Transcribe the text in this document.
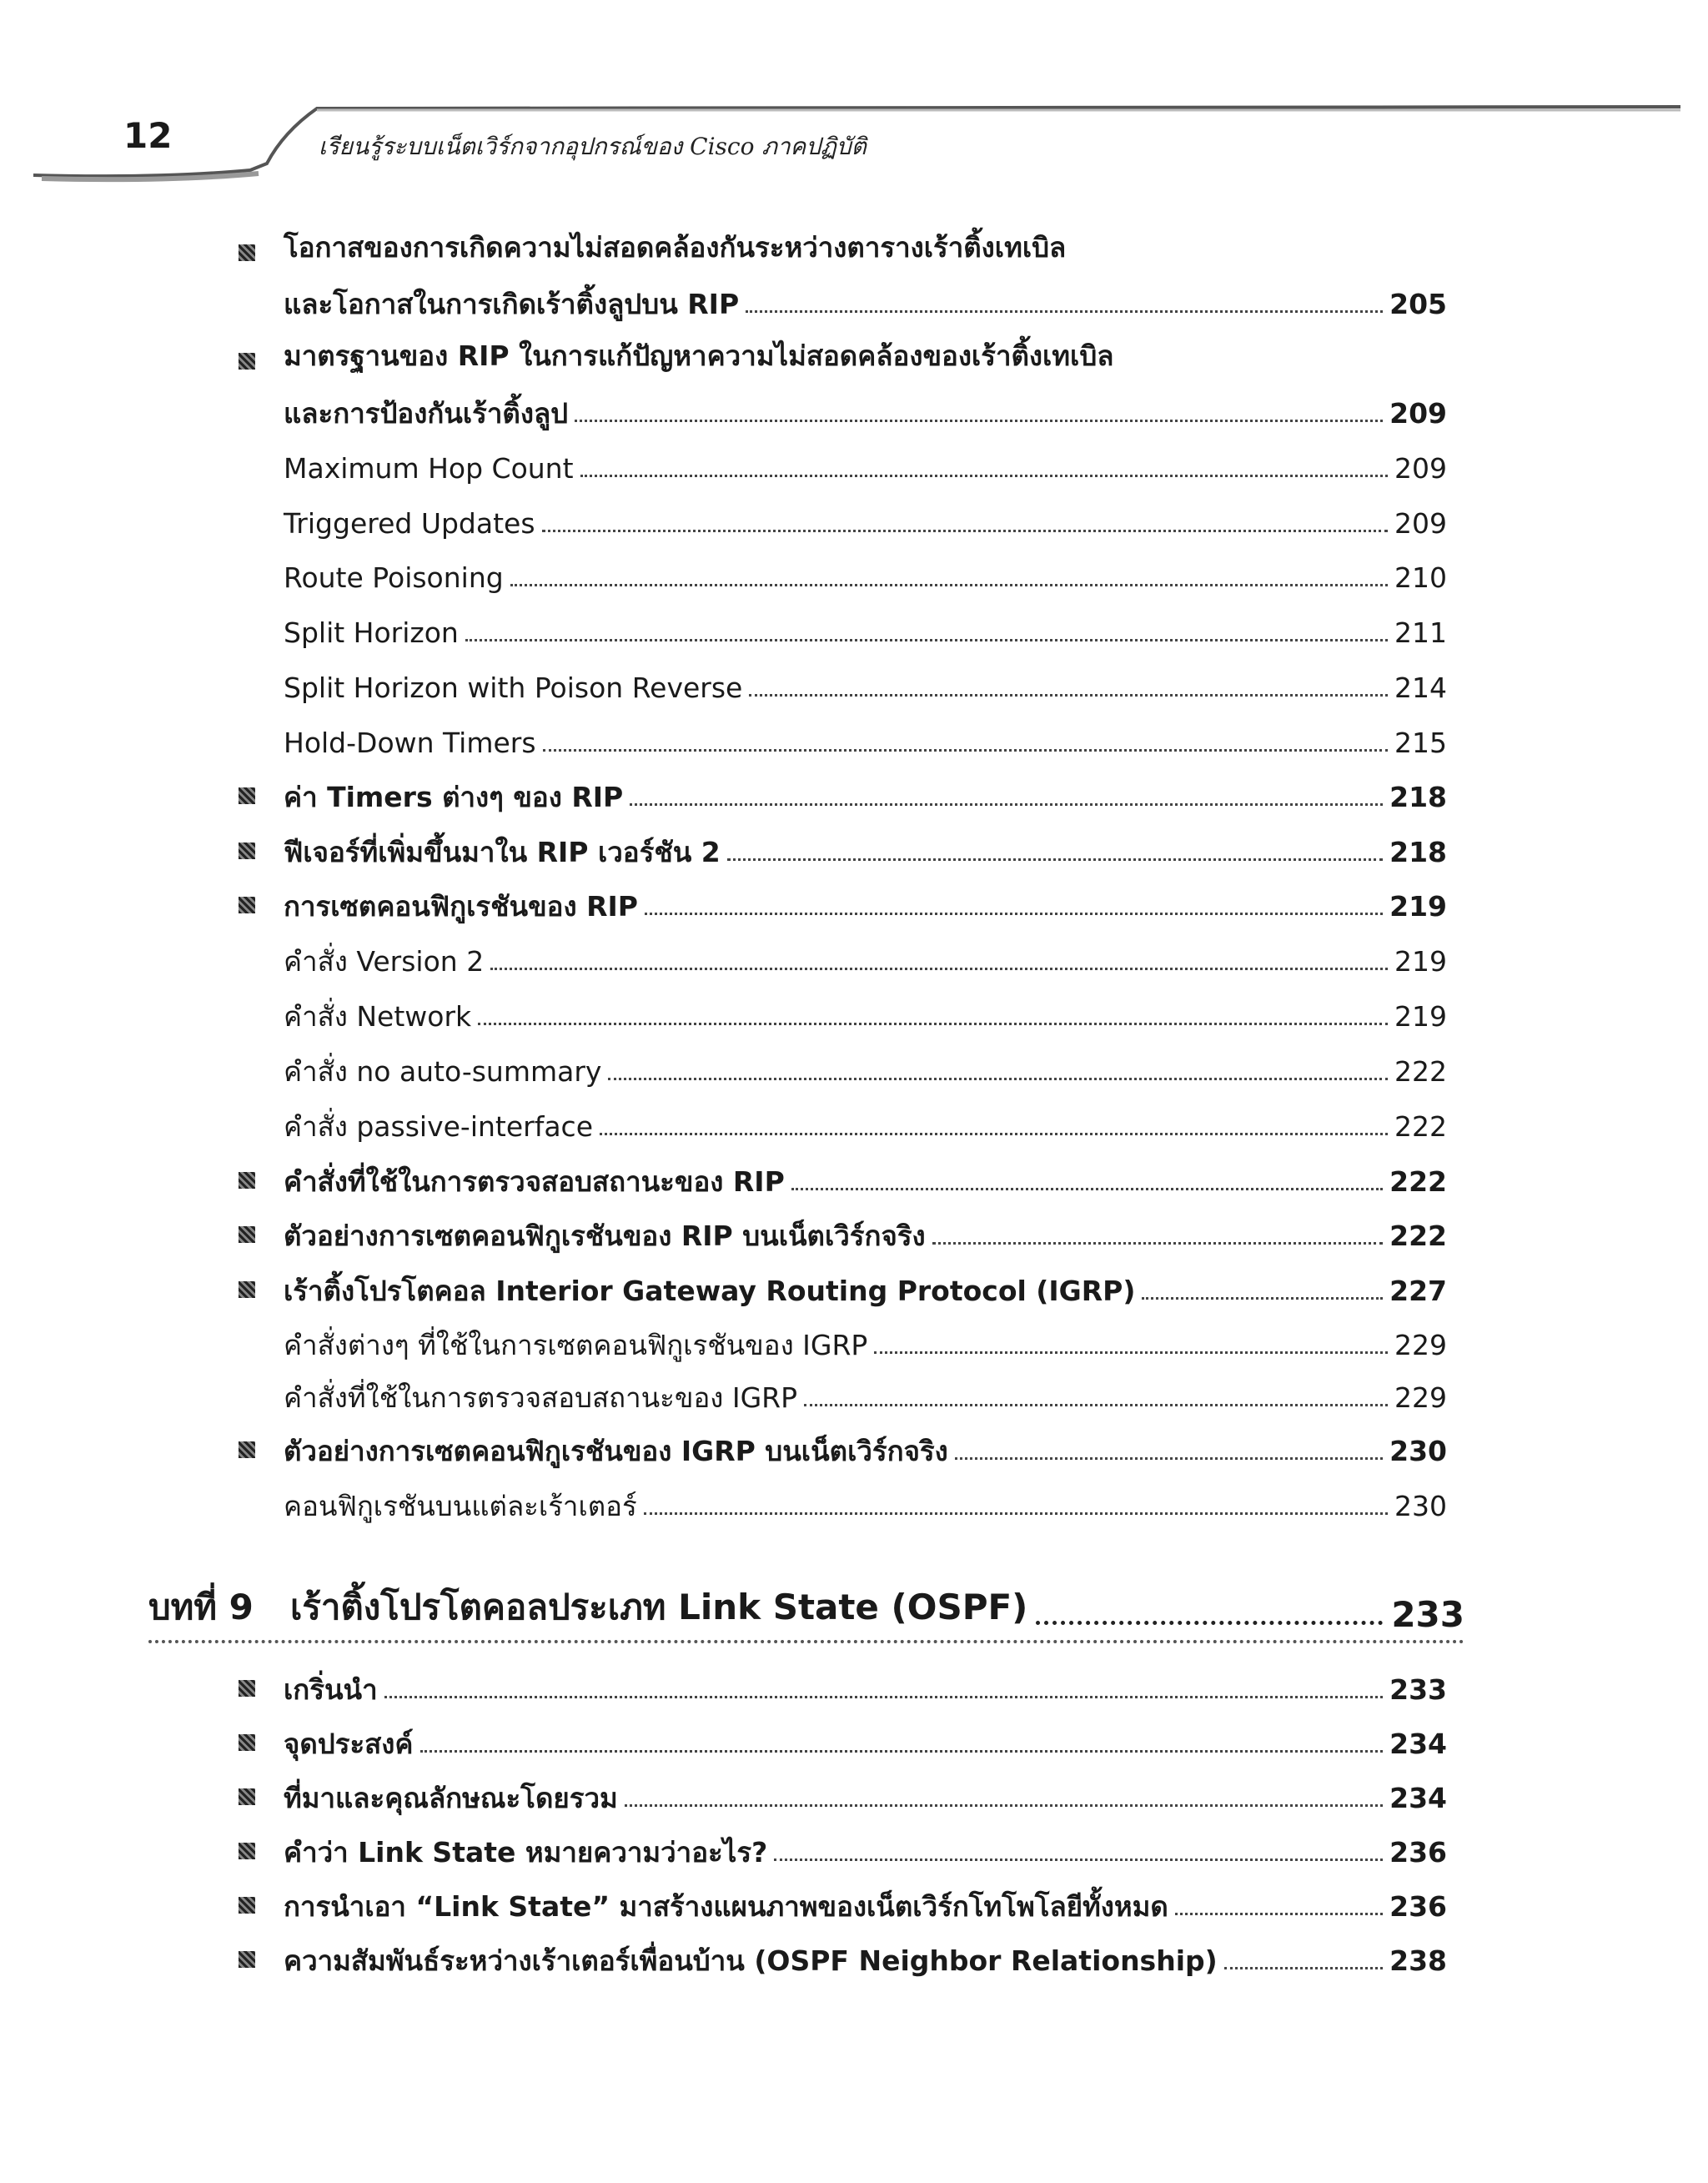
12	เรียนรู้ระบบเน็ตเวิร์กจากอุปกรณ์ของ Cisco ภาคปฏิบัติ
โอกาสของการเกิดความไม่สอดคล้องกันระหว่างตารางเร้าติ้งเทเบิล
และโอกาสในการเกิดเร้าติ้งลูปบน RIP	205
มาตรฐานของ RIP ในการแก้ปัญหาความไม่สอดคล้องของเร้าติ้งเทเบิล
และการป้องกันเร้าติ้งลูป	209
Maximum Hop Count	209
Triggered Updates	209
Route Poisoning	210
Split Horizon	211
Split Horizon with Poison Reverse	214
Hold-Down Timers	215
ค่า Timers ต่างๆ ของ RIP	218
ฟีเจอร์ที่เพิ่มขึ้นมาใน RIP เวอร์ชัน 2	218
การเซตคอนฟิกูเรชันของ RIP	219
คำสั่ง Version 2	219
คำสั่ง Network	219
คำสั่ง no auto-summary	222
คำสั่ง passive-interface	222
คำสั่งที่ใช้ในการตรวจสอบสถานะของ RIP	222
ตัวอย่างการเซตคอนฟิกูเรชันของ RIP บนเน็ตเวิร์กจริง	222
เร้าติ้งโปรโตคอล Interior Gateway Routing Protocol (IGRP)	227
คำสั่งต่างๆ ที่ใช้ในการเซตคอนฟิกูเรชันของ IGRP	229
คำสั่งที่ใช้ในการตรวจสอบสถานะของ IGRP	229
ตัวอย่างการเซตคอนฟิกูเรชันของ IGRP บนเน็ตเวิร์กจริง	230
คอนฟิกูเรชันบนแต่ละเร้าเตอร์	230
บทที่ 9	เร้าติ้งโปรโตคอลประเภท Link State (OSPF)	233
เกริ่นนำ	233
จุดประสงค์	234
ที่มาและคุณลักษณะโดยรวม	234
คำว่า Link State หมายความว่าอะไร?	236
การนำเอา “Link State” มาสร้างแผนภาพของเน็ตเวิร์กโทโพโลยีทั้งหมด	236
ความสัมพันธ์ระหว่างเร้าเตอร์เพื่อนบ้าน (OSPF Neighbor Relationship)	238
